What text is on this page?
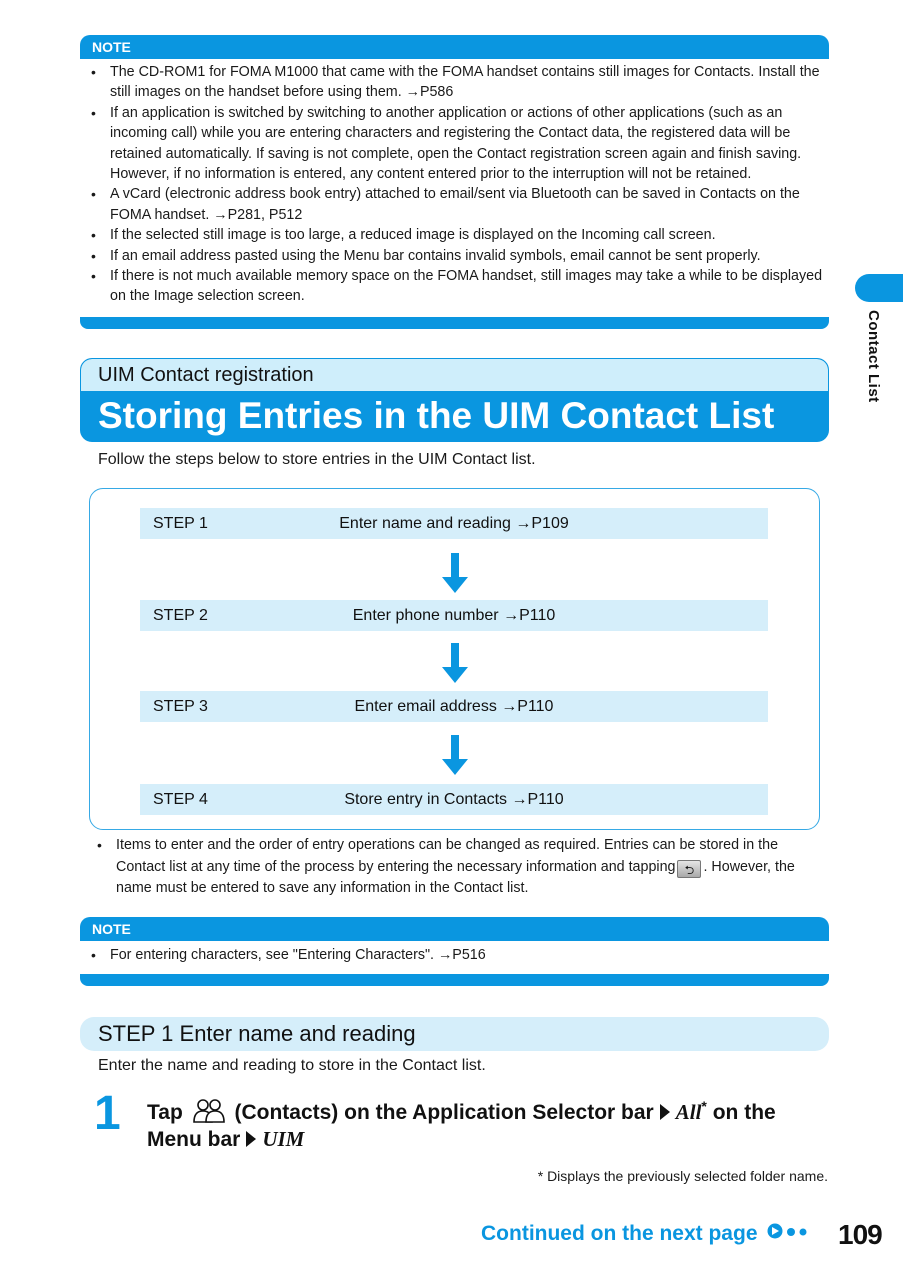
NOTE
• The CD-ROM1 for FOMA M1000 that came with the FOMA handset contains still images for Contacts. Install the still images on the handset before using them. →P586
• If an application is switched by switching to another application or actions of other applications (such as an incoming call) while you are entering characters and registering the Contact data, the registered data will be retained automatically. If saving is not complete, open the Contact registration screen again and finish saving. However, if no information is entered, any content entered prior to the interruption will not be retained.
• A vCard (electronic address book entry) attached to email/sent via Bluetooth can be saved in Contacts on the FOMA handset. →P281, P512
• If the selected still image is too large, a reduced image is displayed on the Incoming call screen.
• If an email address pasted using the Menu bar contains invalid symbols, email cannot be sent properly.
• If there is not much available memory space on the FOMA handset, still images may take a while to be displayed on the Image selection screen.
Contact List
UIM Contact registration
Storing Entries in the UIM Contact List
Follow the steps below to store entries in the UIM Contact list.
STEP 1	Enter name and reading →P109
STEP 2	Enter phone number →P110
STEP 3	Enter email address →P110
STEP 4	Store entry in Contacts →P110
• Items to enter and the order of entry operations can be changed as required. Entries can be stored in the Contact list at any time of the process by entering the necessary information and tapping ⮌ . However, the name must be entered to save any information in the Contact list.
NOTE
• For entering characters, see "Entering Characters". →P516
STEP 1 Enter name and reading
Enter the name and reading to store in the Contact list.
1 Tap (Contacts) on the Application Selector bar All* on the
Menu bar UIM
* Displays the previously selected folder name.
Continued on the next page	109
